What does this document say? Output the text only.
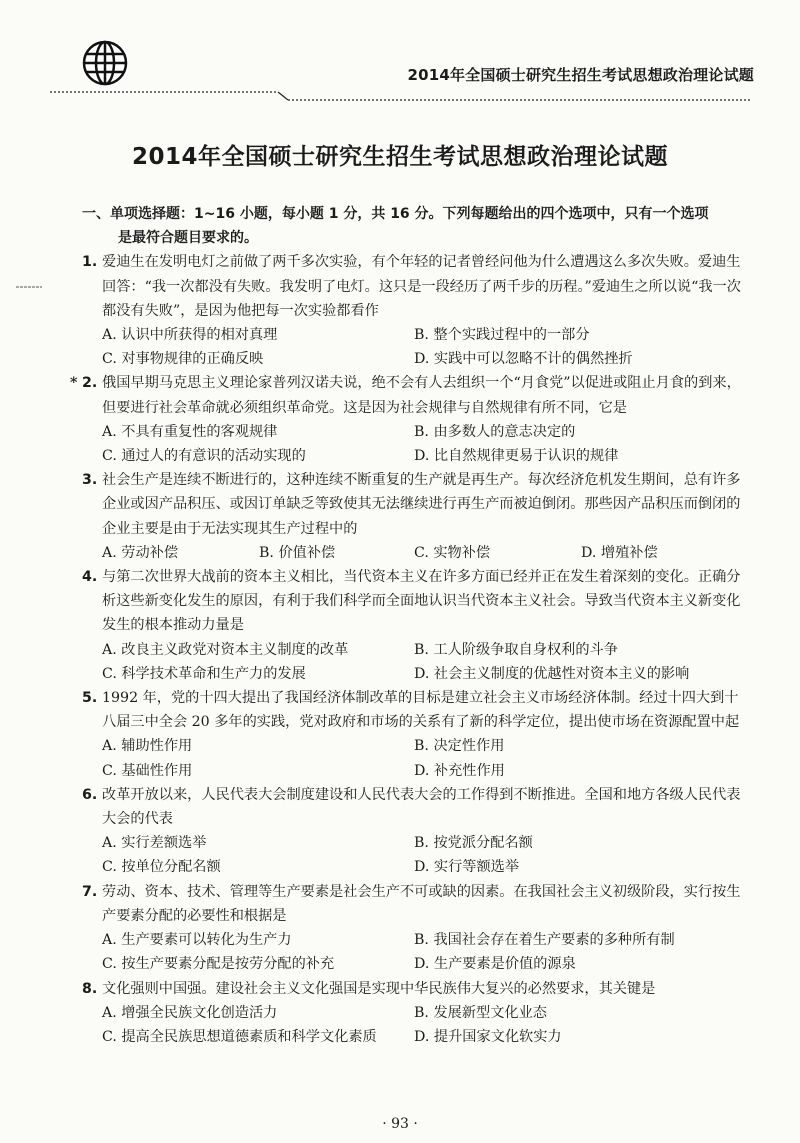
2014年全国硕士研究生招生考试思想政治理论试题
2014年全国硕士研究生招生考试思想政治理论试题
一、单项选择题：1~16 小题，每小题 1 分，共 16 分。下列每题给出的四个选项中，只有一个选项
是最符合题目要求的。
1. 爱迪生在发明电灯之前做了两千多次实验，有个年轻的记者曾经问他为什么遭遇这么多次失败。爱迪生回答：“我一次都没有失败。我发明了电灯。这只是一段经历了两千步的历程。”爱迪生之所以说“我一次都没有失败”，是因为他把每一次实验都看作
A. 认识中所获得的相对真理	B. 整个实践过程中的一部分
C. 对事物规律的正确反映	D. 实践中可以忽略不计的偶然挫折
* 2. 俄国早期马克思主义理论家普列汉诺夫说，绝不会有人去组织一个“月食党”以促进或阻止月食的到来，但要进行社会革命就必须组织革命党。这是因为社会规律与自然规律有所不同，它是
A. 不具有重复性的客观规律	B. 由多数人的意志决定的
C. 通过人的有意识的活动实现的	D. 比自然规律更易于认识的规律
3. 社会生产是连续不断进行的，这种连续不断重复的生产就是再生产。每次经济危机发生期间，总有许多企业或因产品积压、或因订单缺乏等致使其无法继续进行再生产而被迫倒闭。那些因产品积压而倒闭的企业主要是由于无法实现其生产过程中的
A. 劳动补偿	B. 价值补偿	C. 实物补偿	D. 增殖补偿
4. 与第二次世界大战前的资本主义相比，当代资本主义在许多方面已经并正在发生着深刻的变化。正确分析这些新变化发生的原因，有利于我们科学而全面地认识当代资本主义社会。导致当代资本主义新变化发生的根本推动力量是
A. 改良主义政党对资本主义制度的改革	B. 工人阶级争取自身权利的斗争
C. 科学技术革命和生产力的发展	D. 社会主义制度的优越性对资本主义的影响
5. 1992 年，党的十四大提出了我国经济体制改革的目标是建立社会主义市场经济体制。经过十四大到十八届三中全会 20 多年的实践，党对政府和市场的关系有了新的科学定位，提出使市场在资源配置中起
A. 辅助性作用	B. 决定性作用
C. 基础性作用	D. 补充性作用
6. 改革开放以来，人民代表大会制度建设和人民代表大会的工作得到不断推进。全国和地方各级人民代表大会的代表
A. 实行差额选举	B. 按党派分配名额
C. 按单位分配名额	D. 实行等额选举
7. 劳动、资本、技术、管理等生产要素是社会生产不可或缺的因素。在我国社会主义初级阶段，实行按生产要素分配的必要性和根据是
A. 生产要素可以转化为生产力	B. 我国社会存在着生产要素的多种所有制
C. 按生产要素分配是按劳分配的补充	D. 生产要素是价值的源泉
8. 文化强则中国强。建设社会主义文化强国是实现中华民族伟大复兴的必然要求，其关键是
A. 增强全民族文化创造活力	B. 发展新型文化业态
C. 提高全民族思想道德素质和科学文化素质	D. 提升国家文化软实力
· 93 ·
